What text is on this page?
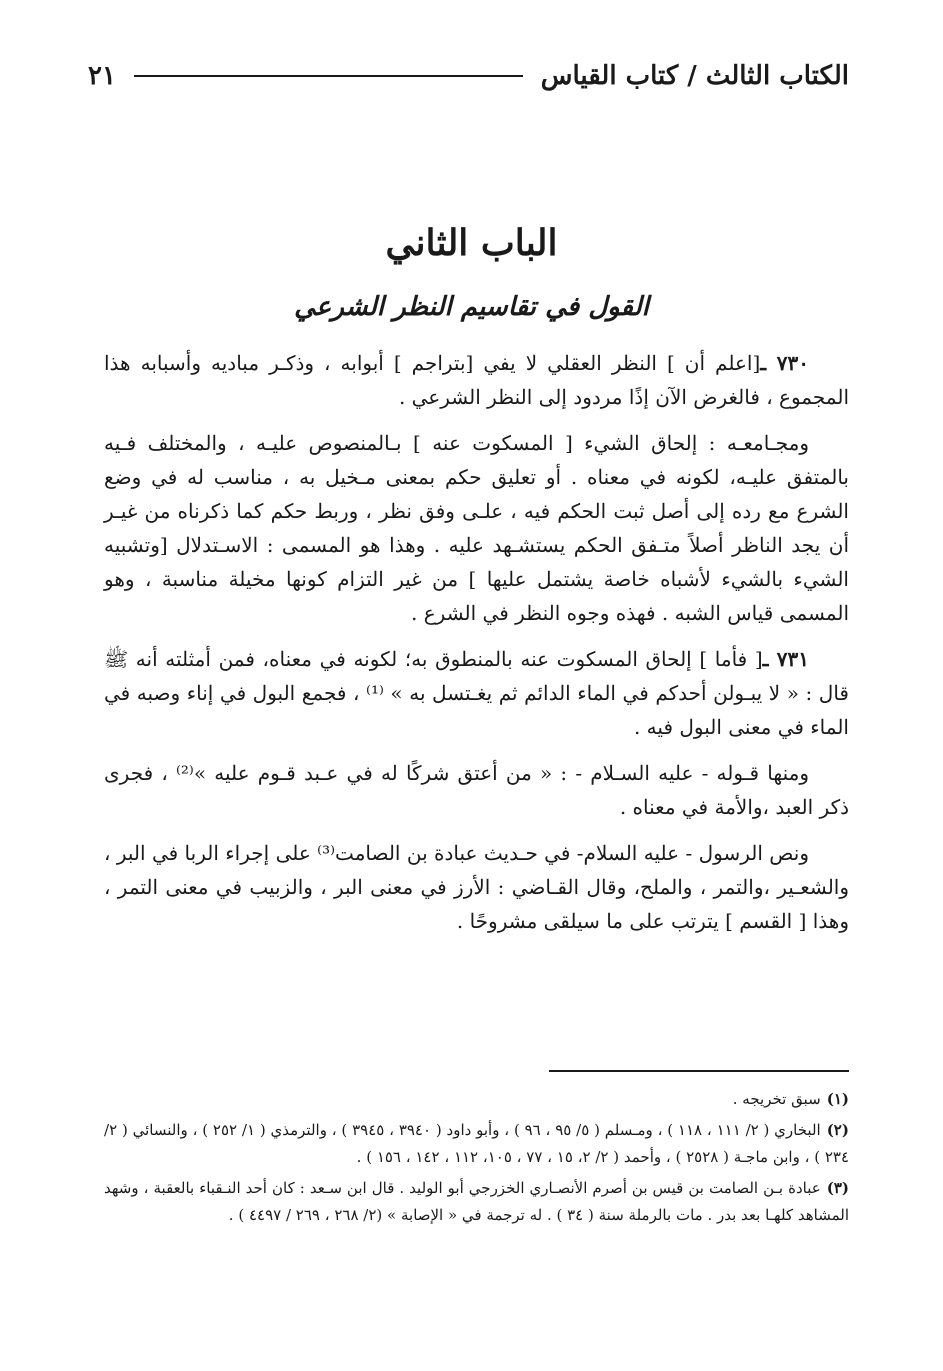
الكتاب الثالث / كتاب القياس
٢١
الباب الثاني
القول في تقاسيم النظر الشرعي

٧٣٠ ـ[اعلم أن ] النظر العقلي لا يفي [بتراجم ] أبوابه ، وذكـر مباديه وأسبابه هذا المجموع ، فالغرض الآن إذًا مردود إلى النظر الشرعي .

ومجـامعـه : إلحاق الشيء [ المسكوت عنه ] بـالمنصوص عليـه ، والمختلف فـيه بالمتفق عليـه، لكونه في معناه . أو تعليق حكم بمعنى مـخيل به ، مناسب له في وضع الشرع مع رده إلى أصل ثبت الحكم فيه ، علـى وفق نظر ، وربط حكم كما ذكرناه من غيـر أن يجد الناظر أصلاً متـفق الحكم يستشـهد عليه . وهذا هو المسمى : الاسـتدلال [وتشبيه الشيء بالشيء لأشباه خاصة يشتمل عليها ] من غير التزام كونها مخيلة مناسبة ، وهو المسمى قياس الشبه . فهذه وجوه النظر في الشرع .

٧٣١ ـ[ فأما ] إلحاق المسكوت عنه بالمنطوق به؛ لكونه في معناه، فمن أمثلته أنه ﷺ قال : « لا يبـولن أحدكم في الماء الدائم ثم يغـتسل به » ⁽¹⁾ ، فجمع البول في إناء وصبه في الماء في معنى البول فيه .

ومنها قـوله - عليه السـلام - : « من أعتق شركًا له في عـبد قـوم عليه »⁽²⁾ ، فجرى ذكر العبد ،والأمة في معناه .

ونص الرسول - عليه السلام- في حـديث عبادة بن الصامت⁽³⁾ على إجراء الربا في البر ، والشعـير ،والتمر ، والملح، وقال القـاضي : الأرز في معنى البر ، والزبيب في معنى التمر ، وهذا [ القسم ] يترتب على ما سيلقى مشروحًا .

(١)سبق تخريجه .

(٢)البخاري ( ٢/ ١١١ ، ١١٨ ) ، ومـسلم ( ٥/ ٩٥ ، ٩٦ ) ، وأبو داود ( ٣٩٤٠ ، ٣٩٤٥ ) ، والترمذي ( ١/ ٢٥٢ ) ، والنسائي ( ٢/ ٢٣٤ ) ، وابن ماجـة ( ٢٥٢٨ ) ، وأحمد ( ٢/ ٢، ١٥ ، ٧٧ ، ١٠٥، ١١٢ ، ١٤٢ ، ١٥٦ ) .

(٣)عبادة بـن الصامت بن قيس بن أصرم الأنصـاري الخزرجي أبو الوليد . قال ابن سـعد : كان أحد النـقباء بالعقبة ، وشهد المشاهد كلهـا بعد بدر . مات بالرملة سنة ( ٣٤ ) . له ترجمة في « الإصابة » (٢/ ٢٦٨ ، ٢٦٩ / ٤٤٩٧ ) .
